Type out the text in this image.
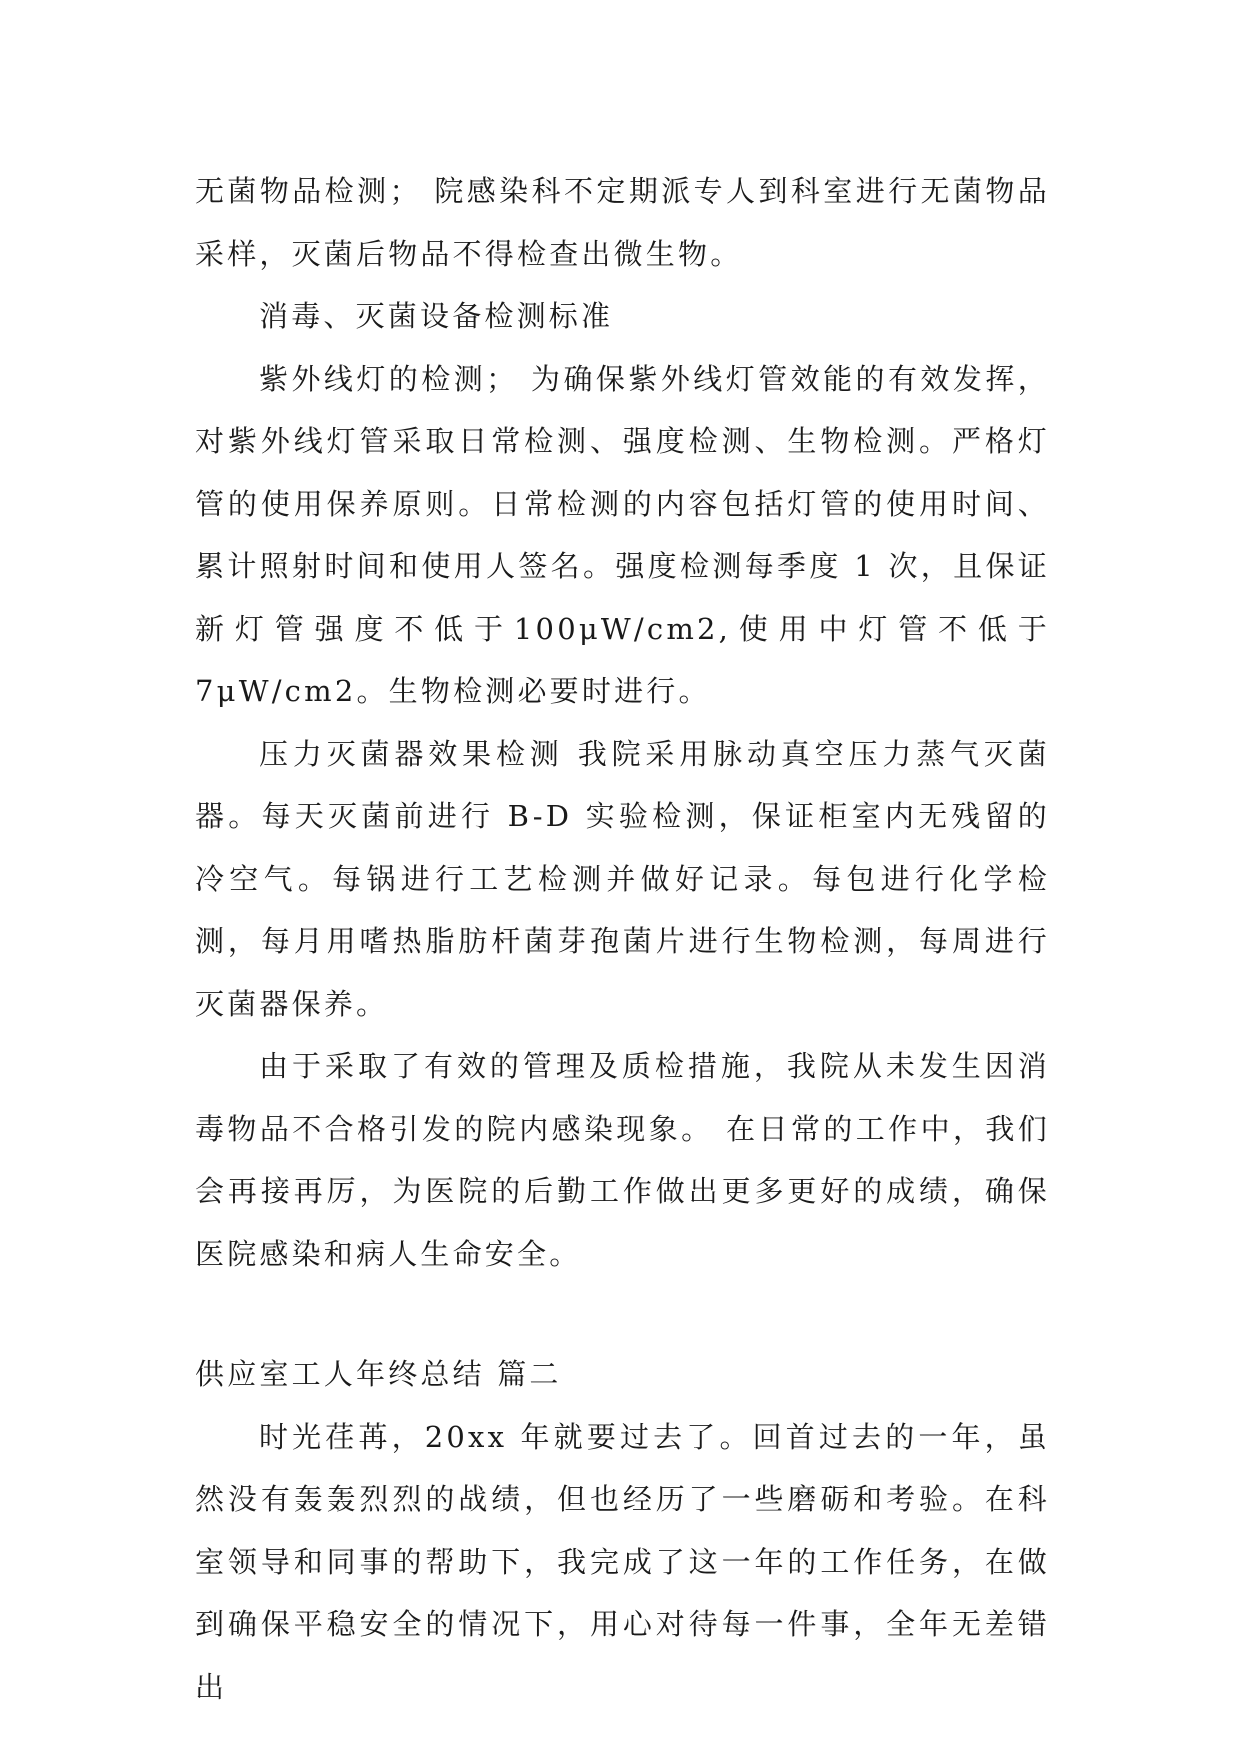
无菌物品检测； 院感染科不定期派专人到科室进行无菌物品采样，灭菌后物品不得检查出微生物。

消毒、灭菌设备检测标准

紫外线灯的检测； 为确保紫外线灯管效能的有效发挥，对紫外线灯管采取日常检测、强度检测、生物检测。严格灯管的使用保养原则。日常检测的内容包括灯管的使用时间、累计照射时间和使用人签名。强度检测每季度 1 次，且保证新灯管强度不低于100μW/cm2,使用中灯管不低于7μW/cm2。生物检测必要时进行。

压力灭菌器效果检测 我院采用脉动真空压力蒸气灭菌器。每天灭菌前进行 B-D 实验检测，保证柜室内无残留的冷空气。每锅进行工艺检测并做好记录。每包进行化学检测，每月用嗜热脂肪杆菌芽孢菌片进行生物检测，每周进行灭菌器保养。

由于采取了有效的管理及质检措施，我院从未发生因消毒物品不合格引发的院内感染现象。 在日常的工作中，我们会再接再厉，为医院的后勤工作做出更多更好的成绩，确保医院感染和病人生命安全。

供应室工人年终总结 篇二

时光荏苒，20xx 年就要过去了。回首过去的一年，虽然没有轰轰烈烈的战绩，但也经历了一些磨砺和考验。在科室领导和同事的帮助下，我完成了这一年的工作任务，在做到确保平稳安全的情况下，用心对待每一件事，全年无差错出
